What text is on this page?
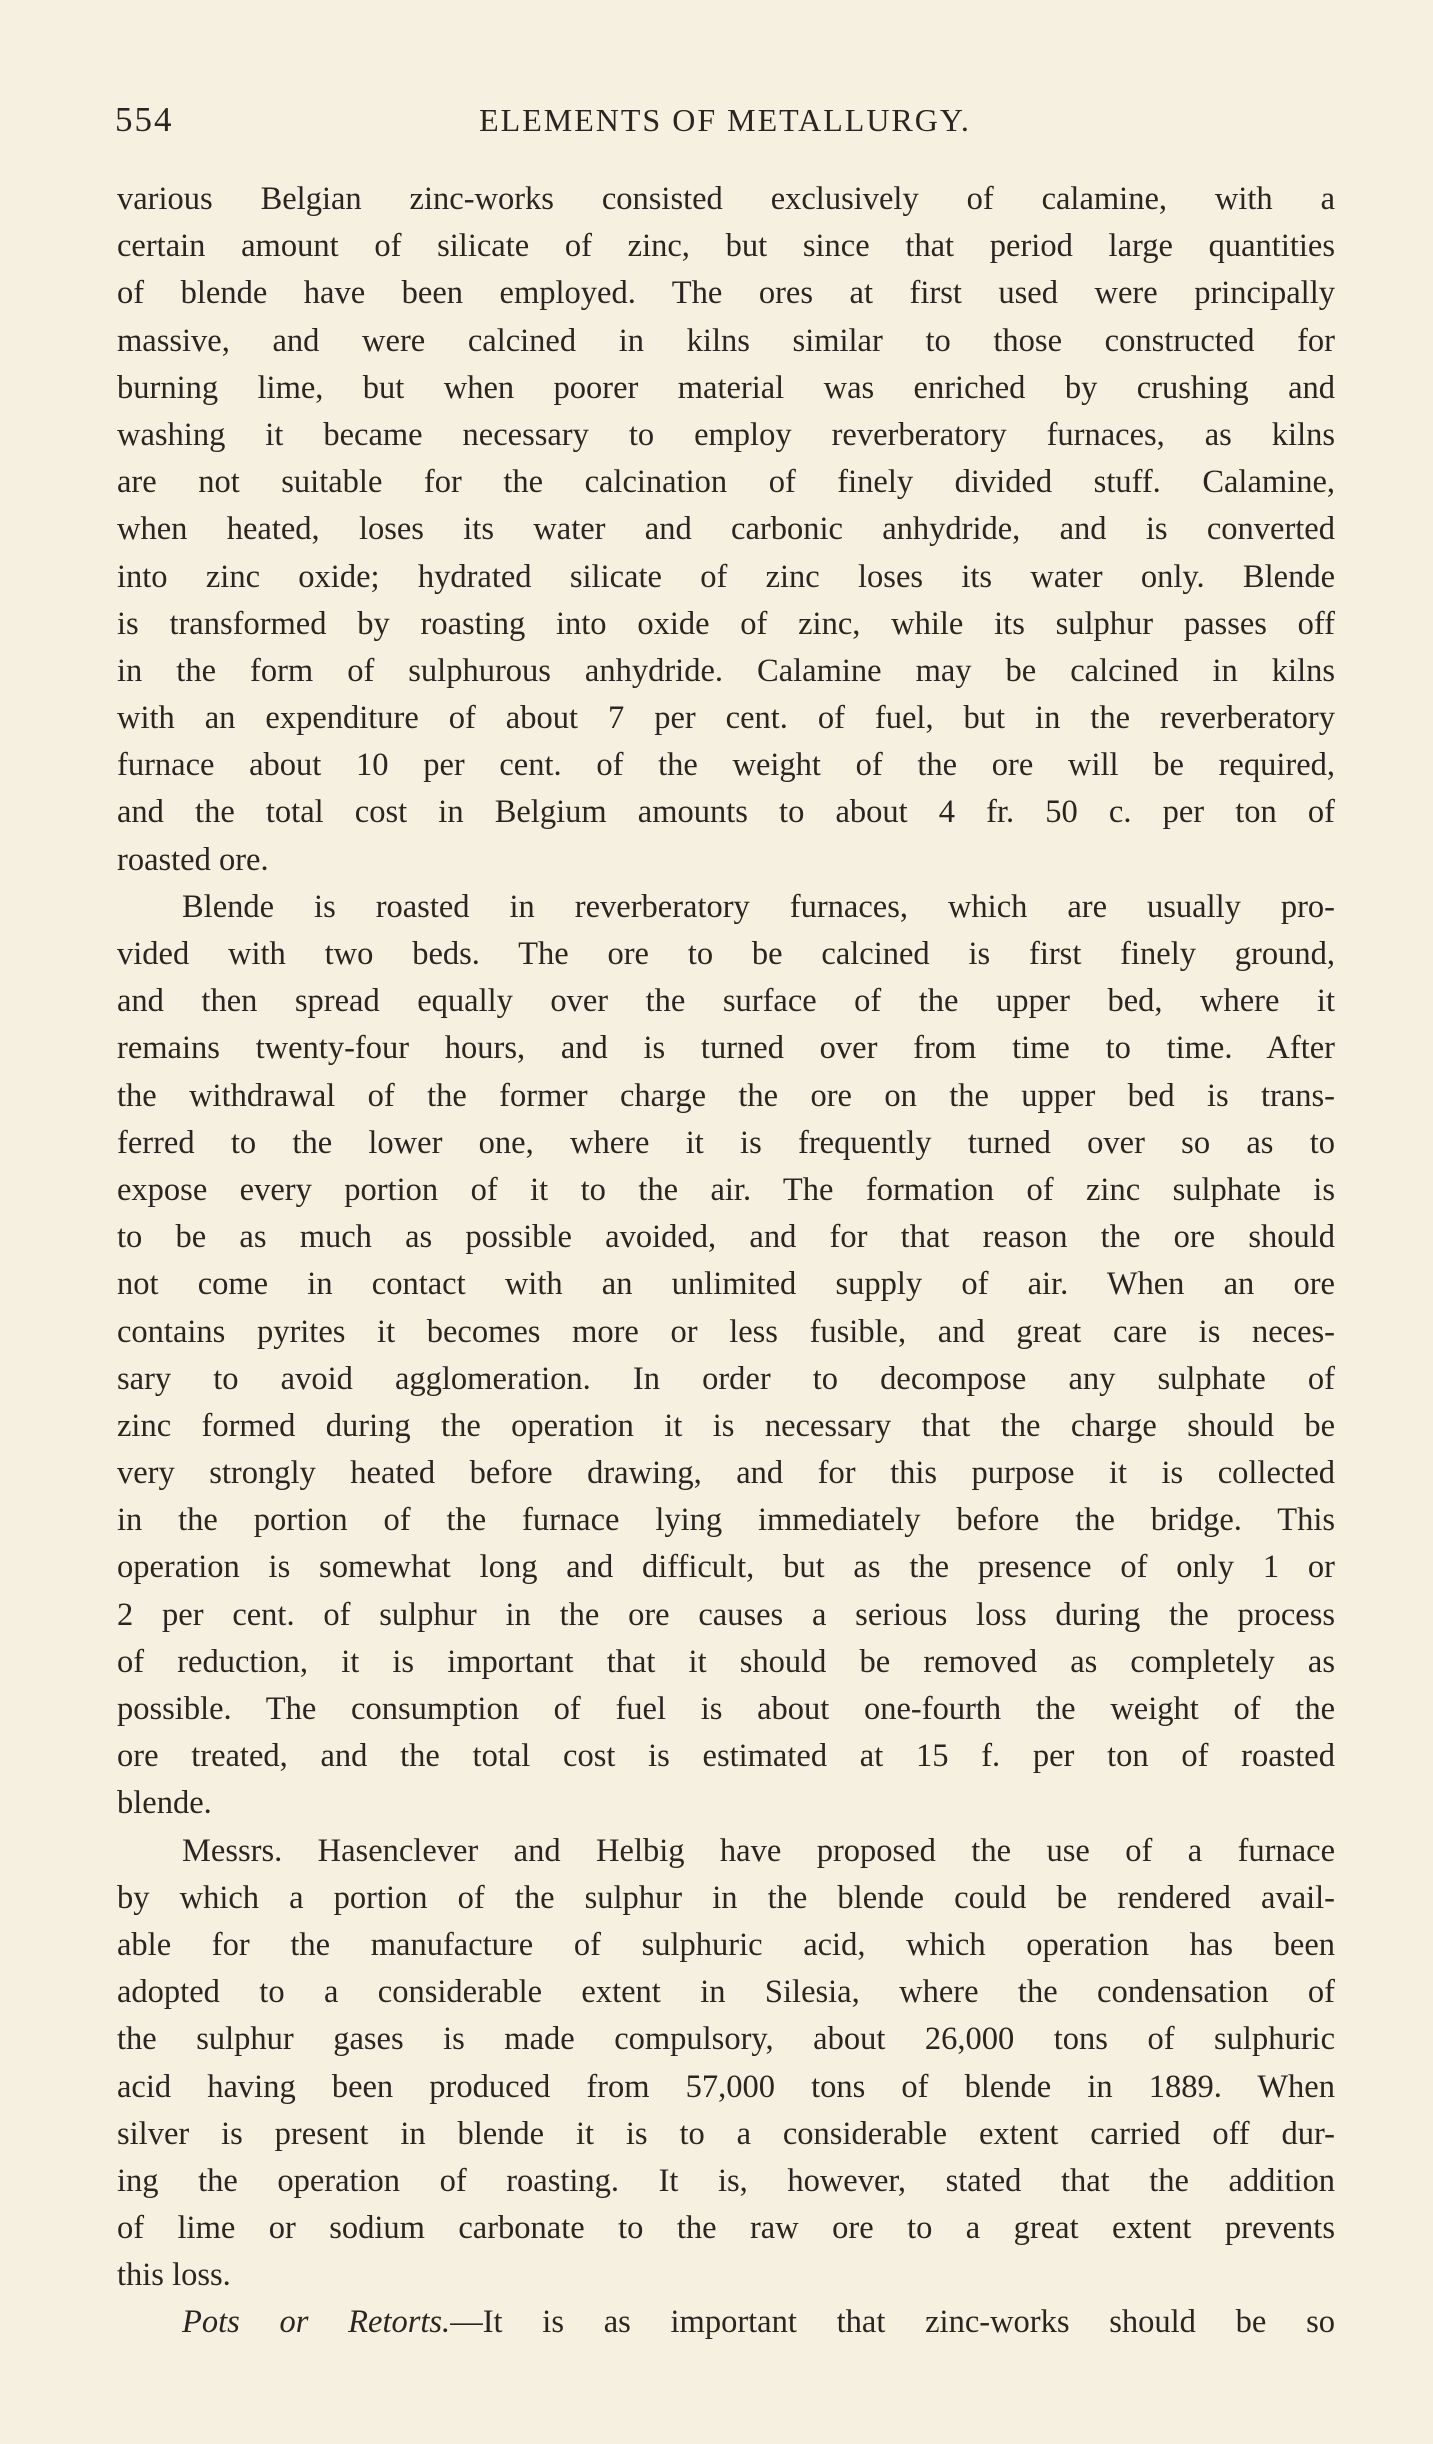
554	ELEMENTS OF METALLURGY.
various Belgian zinc-works consisted exclusively of calamine, with a
certain amount of silicate of zinc, but since that period large quantities
of blende have been employed. The ores at first used were principally
massive, and were calcined in kilns similar to those constructed for
burning lime, but when poorer material was enriched by crushing and
washing it became necessary to employ reverberatory furnaces, as kilns
are not suitable for the calcination of finely divided stuff. Calamine,
when heated, loses its water and carbonic anhydride, and is converted
into zinc oxide; hydrated silicate of zinc loses its water only. Blende
is transformed by roasting into oxide of zinc, while its sulphur passes off
in the form of sulphurous anhydride. Calamine may be calcined in kilns
with an expenditure of about 7 per cent. of fuel, but in the reverberatory
furnace about 10 per cent. of the weight of the ore will be required,
and the total cost in Belgium amounts to about 4 fr. 50 c. per ton of
roasted ore.
Blende is roasted in reverberatory furnaces, which are usually pro-
vided with two beds. The ore to be calcined is first finely ground,
and then spread equally over the surface of the upper bed, where it
remains twenty-four hours, and is turned over from time to time. After
the withdrawal of the former charge the ore on the upper bed is trans-
ferred to the lower one, where it is frequently turned over so as to
expose every portion of it to the air. The formation of zinc sulphate is
to be as much as possible avoided, and for that reason the ore should
not come in contact with an unlimited supply of air. When an ore
contains pyrites it becomes more or less fusible, and great care is neces-
sary to avoid agglomeration. In order to decompose any sulphate of
zinc formed during the operation it is necessary that the charge should be
very strongly heated before drawing, and for this purpose it is collected
in the portion of the furnace lying immediately before the bridge. This
operation is somewhat long and difficult, but as the presence of only 1 or
2 per cent. of sulphur in the ore causes a serious loss during the process
of reduction, it is important that it should be removed as completely as
possible. The consumption of fuel is about one-fourth the weight of the
ore treated, and the total cost is estimated at 15 f. per ton of roasted
blende.
Messrs. Hasenclever and Helbig have proposed the use of a furnace
by which a portion of the sulphur in the blende could be rendered avail-
able for the manufacture of sulphuric acid, which operation has been
adopted to a considerable extent in Silesia, where the condensation of
the sulphur gases is made compulsory, about 26,000 tons of sulphuric
acid having been produced from 57,000 tons of blende in 1889. When
silver is present in blende it is to a considerable extent carried off dur-
ing the operation of roasting. It is, however, stated that the addition
of lime or sodium carbonate to the raw ore to a great extent prevents
this loss.
Pots or Retorts.—It is as important that zinc-works should be so
